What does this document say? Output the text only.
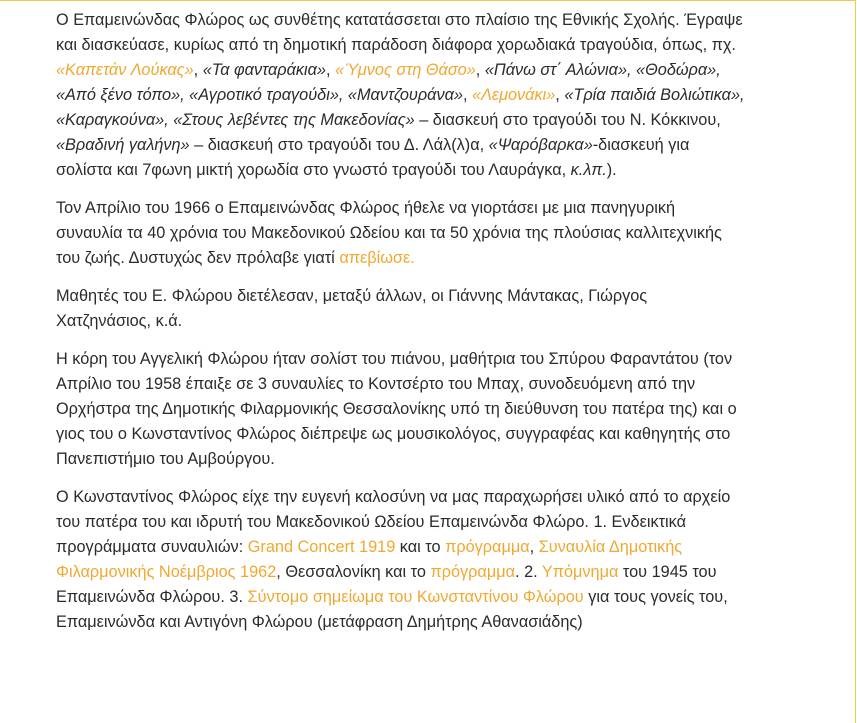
Ο Επαμεινώνδας Φλώρος ως συνθέτης κατατάσσεται στο πλαίσιο της Εθνικής Σχολής. Έγραψε και διασκεύασε, κυρίως από τη δημοτική παράδοση διάφορα χορωδιακά τραγούδια, όπως, πχ. «Καπετάν Λούκας», «Τα φανταράκια», «Ύμνος στη Θάσο», «Πάνω στ΄ Αλώνια», «Θοδώρα», «Από ξένο τόπο», «Αγροτικό τραγούδι», «Μαντζουράνα», «Λεμονάκι», «Τρία παιδιά Βολιώτικα», «Καραγκούνα», «Στους λεβέντες της Μακεδονίας» – διασκευή στο τραγούδι του Ν. Κόκκινου, «Βραδινή γαλήνη» – διασκευή στο τραγούδι του Δ. Λάλ(λ)α, «Ψαρόβαρκα»-διασκευή για σολίστα και 7φωνη μικτή χορωδία στο γνωστό τραγούδι του Λαυράγκα, κ.λπ.).

Τον Απρίλιο του 1966 ο Επαμεινώνδας Φλώρος ήθελε να γιορτάσει με μια πανηγυρική συναυλία τα 40 χρόνια του Μακεδονικού Ωδείου και τα 50 χρόνια της πλούσιας καλλιτεχνικής του ζωής. Δυστυχώς δεν πρόλαβε γιατί απεβίωσε.

Μαθητές του Ε. Φλώρου διετέλεσαν, μεταξύ άλλων, οι Γιάννης Μάντακας, Γιώργος Χατζηνάσιος, κ.ά.

Η κόρη του Αγγελική Φλώρου ήταν σολίστ του πιάνου, μαθήτρια του Σπύρου Φαραντάτου (τον Απρίλιο του 1958 έπαιξε σε 3 συναυλίες το Κοντσέρτο του Μπαχ, συνοδευόμενη από την Ορχήστρα της Δημοτικής Φιλαρμονικής Θεσσαλονίκης υπό τη διεύθυνση του πατέρα της) και ο γιος του ο Κωνσταντίνος Φλώρος διέπρεψε ως μουσικολόγος, συγγραφέας και καθηγητής στο Πανεπιστήμιο του Αμβούργου.

Ο Κωνσταντίνος Φλώρος είχε την ευγενή καλοσύνη να μας παραχωρήσει υλικό από το αρχείο του πατέρα του και ιδρυτή του Μακεδονικού Ωδείου Επαμεινώνδα Φλώρο. 1. Ενδεικτικά προγράμματα συναυλιών: Grand Concert 1919 και το πρόγραμμα, Συναυλία Δημοτικής Φιλαρμονικής Νοέμβριος 1962, Θεσσαλονίκη και το πρόγραμμα. 2. Υπόμνημα του 1945 του Επαμεινώνδα Φλώρου. 3. Σύντομο σημείωμα του Κωνσταντίνου Φλώρου για τους γονείς του, Επαμεινώνδα και Αντιγόνη Φλώρου (μετάφραση Δημήτρης Αθανασιάδης)
